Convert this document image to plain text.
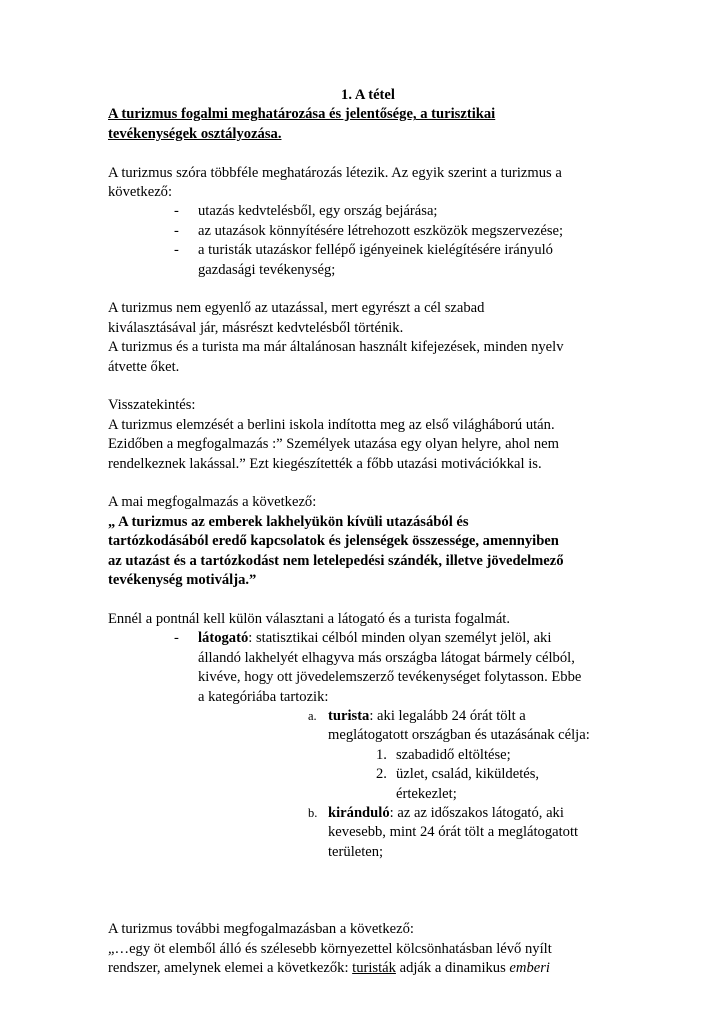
1. A tétel
A turizmus fogalmi meghatározása és jelentősége, a turisztikai
tevékenységek osztályozása.
A turizmus szóra többféle meghatározás létezik. Az egyik szerint a turizmus a
következő:
- utazás kedvtelésből, egy ország bejárása;
- az utazások könnyítésére létrehozott eszközök megszervezése;
- a turisták utazáskor fellépő igényeinek kielégítésére irányuló
gazdasági tevékenység;
A turizmus nem egyenlő az utazással, mert egyrészt a cél szabad
kiválasztásával jár, másrészt kedvtelésből történik.
A turizmus és a turista ma már általánosan használt kifejezések, minden nyelv
átvette őket.
Visszatekintés:
A turizmus elemzését a berlini iskola indította meg az első világháború után.
Ezidőben a megfogalmazás :” Személyek utazása egy olyan helyre, ahol nem
rendelkeznek lakással.” Ezt kiegészítették a főbb utazási motivációkkal is.
A mai megfogalmazás a következő:
„ A turizmus az emberek lakhelyükön kívüli utazásából és
tartózkodásából eredő kapcsolatok és jelenségek összessége, amennyiben
az utazást és a tartózkodást nem letelepedési szándék, illetve jövedelmező
tevékenység motiválja.”
Ennél a pontnál kell külön választani a látogató és a turista fogalmát.
- látogató: statisztikai célból minden olyan személyt jelöl, aki
állandó lakhelyét elhagyva más országba látogat bármely célból,
kivéve, hogy ott jövedelemszerző tevékenységet folytasson. Ebbe
a kategóriába tartozik:
a. turista: aki legalább 24 órát tölt a
meglátogatott országban és utazásának célja:
1. szabadidő eltöltése;
2. üzlet, család, kiküldetés,
értekezlet;
b. kiránduló: az az időszakos látogató, aki
kevesebb, mint 24 órát tölt a meglátogatott
területen;
A turizmus további megfogalmazásban a következő:
„…egy öt elemből álló és szélesebb környezettel kölcsönhatásban lévő nyílt
rendszer, amelynek elemei a következők: turisták adják a dinamikus emberi
